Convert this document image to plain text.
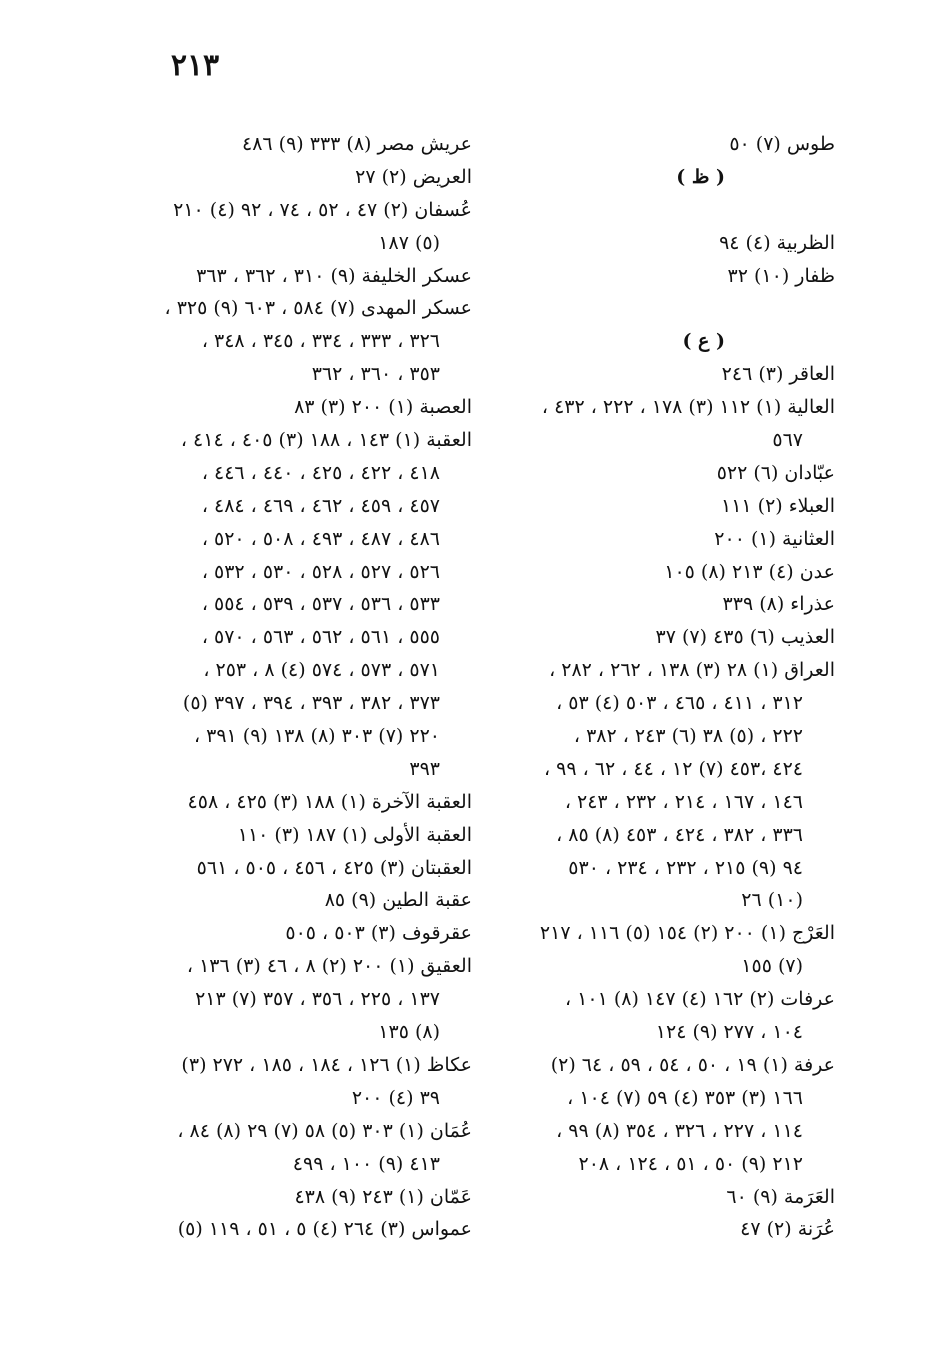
٢١٣
طوس (٧) ٥٠
( ظ )
الظربية (٤) ٩٤
ظفار (١٠) ٣٢
( ع )
العاقر (٣) ٢٤٦
العالية (١) ١١٢ (٣) ١٧٨ ، ٢٢٢ ، ٤٣٢ ،
٥٦٧
عبّادان (٦) ٥٢٢
العبلاء (٢) ١١١
العثانية (١) ٢٠٠
عدن (٤) ٢١٣ (٨) ١٠٥
عذراء (٨) ٣٣٩
العذيب (٦) ٤٣٥ (٧) ٣٧
العراق (١) ٢٨ (٣) ١٣٨ ، ٢٦٢ ، ٢٨٢ ،
٣١٢ ، ٤١١ ، ٤٦٥ ، ٥٠٣ (٤) ٥٣ ،
٢٢٢ ، (٥) ٣٨ (٦) ٢٤٣ ، ٣٨٢ ،
٤٢٤ ،٤٥٣ (٧) ١٢ ، ٤٤ ، ٦٢ ، ٩٩ ،
١٤٦ ، ١٦٧ ، ٢١٤ ، ٢٣٢ ، ٢٤٣ ،
٣٣٦ ، ٣٨٢ ، ٤٢٤ ، ٤٥٣ (٨) ٨٥ ،
٩٤ (٩) ٢١٥ ، ٢٣٢ ، ٢٣٤ ، ٥٣٠
(١٠) ٢٦
العَرْج (١) ٢٠٠ (٢) ١٥٤ (٥) ١١٦ ، ٢١٧
(٧) ١٥٥
عرفات (٢) ١٦٢ (٤) ١٤٧ (٨) ١٠١ ،
١٠٤ ، ٢٧٧ (٩) ١٢٤
عرفة (١) ١٩ ، ٥٠ ، ٥٤ ، ٥٩ ، ٦٤ (٢)
١٦٦ (٣) ٣٥٣ (٤) ٥٩ (٧) ١٠٤ ،
١١٤ ، ٢٢٧ ، ٣٢٦ ، ٣٥٤ (٨) ٩٩ ،
٢١٢ (٩) ٥٠ ، ٥١ ، ١٢٤ ، ٢٠٨
العَرَمة (٩) ٦٠
عُرَنة (٢) ٤٧
عريش مصر (٨) ٣٣٣ (٩) ٤٨٦
العريض (٢) ٢٧
عُسفان (٢) ٤٧ ، ٥٢ ، ٧٤ ، ٩٢ (٤) ٢١٠
(٥) ١٨٧
عسكر الخليفة (٩) ٣١٠ ، ٣٦٢ ، ٣٦٣
عسكر المهدى (٧) ٥٨٤ ، ٦٠٣ (٩) ٣٢٥ ،
٣٢٦ ، ٣٣٣ ، ٣٣٤ ، ٣٤٥ ، ٣٤٨ ،
٣٥٣ ، ٣٦٠ ، ٣٦٢
العصبة (١) ٢٠٠ (٣) ٨٣
العقبة (١) ١٤٣ ، ١٨٨ (٣) ٤٠٥ ، ٤١٤ ،
٤١٨ ، ٤٢٢ ، ٤٢٥ ، ٤٤٠ ، ٤٤٦ ،
٤٥٧ ، ٤٥٩ ، ٤٦٢ ، ٤٦٩ ، ٤٨٤ ،
٤٨٦ ، ٤٨٧ ، ٤٩٣ ، ٥٠٨ ، ٥٢٠ ،
٥٢٦ ، ٥٢٧ ، ٥٢٨ ، ٥٣٠ ، ٥٣٢ ،
٥٣٣ ، ٥٣٦ ، ٥٣٧ ، ٥٣٩ ، ٥٥٤ ،
٥٥٥ ، ٥٦١ ، ٥٦٢ ، ٥٦٣ ، ٥٧٠ ،
٥٧١ ، ٥٧٣ ، ٥٧٤ (٤) ٨ ، ٢٥٣ ،
٣٧٣ ، ٣٨٢ ، ٣٩٣ ، ٣٩٤ ، ٣٩٧ (٥)
٢٢٠ (٧) ٣٠٣ (٨) ١٣٨ (٩) ٣٩١ ،
٣٩٣
العقبة الآخرة (١) ١٨٨ (٣) ٤٢٥ ، ٤٥٨
العقبة الأولى (١) ١٨٧ (٣) ١١٠
العقبتان (٣) ٤٢٥ ، ٤٥٦ ، ٥٠٥ ، ٥٦١
عقبة الطين (٩) ٨٥
عقرقوف (٣) ٥٠٣ ، ٥٠٥
العقيق (١) ٢٠٠ (٢) ٨ ، ٤٦ (٣) ١٣٦ ،
١٣٧ ، ٢٢٥ ، ٣٥٦ ، ٣٥٧ (٧) ٢١٣
(٨) ١٣٥
عكاظ (١) ١٢٦ ، ١٨٤ ، ١٨٥ ، ٢٧٢ (٣)
٣٩ (٤) ٢٠٠
عُمَان (١) ٣٠٣ (٥) ٥٨ (٧) ٢٩ (٨) ٨٤ ،
٤١٣ (٩) ١٠٠ ، ٤٩٩
عَمّان (١) ٢٤٣ (٩) ٤٣٨
عمواس (٣) ٢٦٤ (٤) ٥ ، ٥١ ، ١١٩ (٥)
